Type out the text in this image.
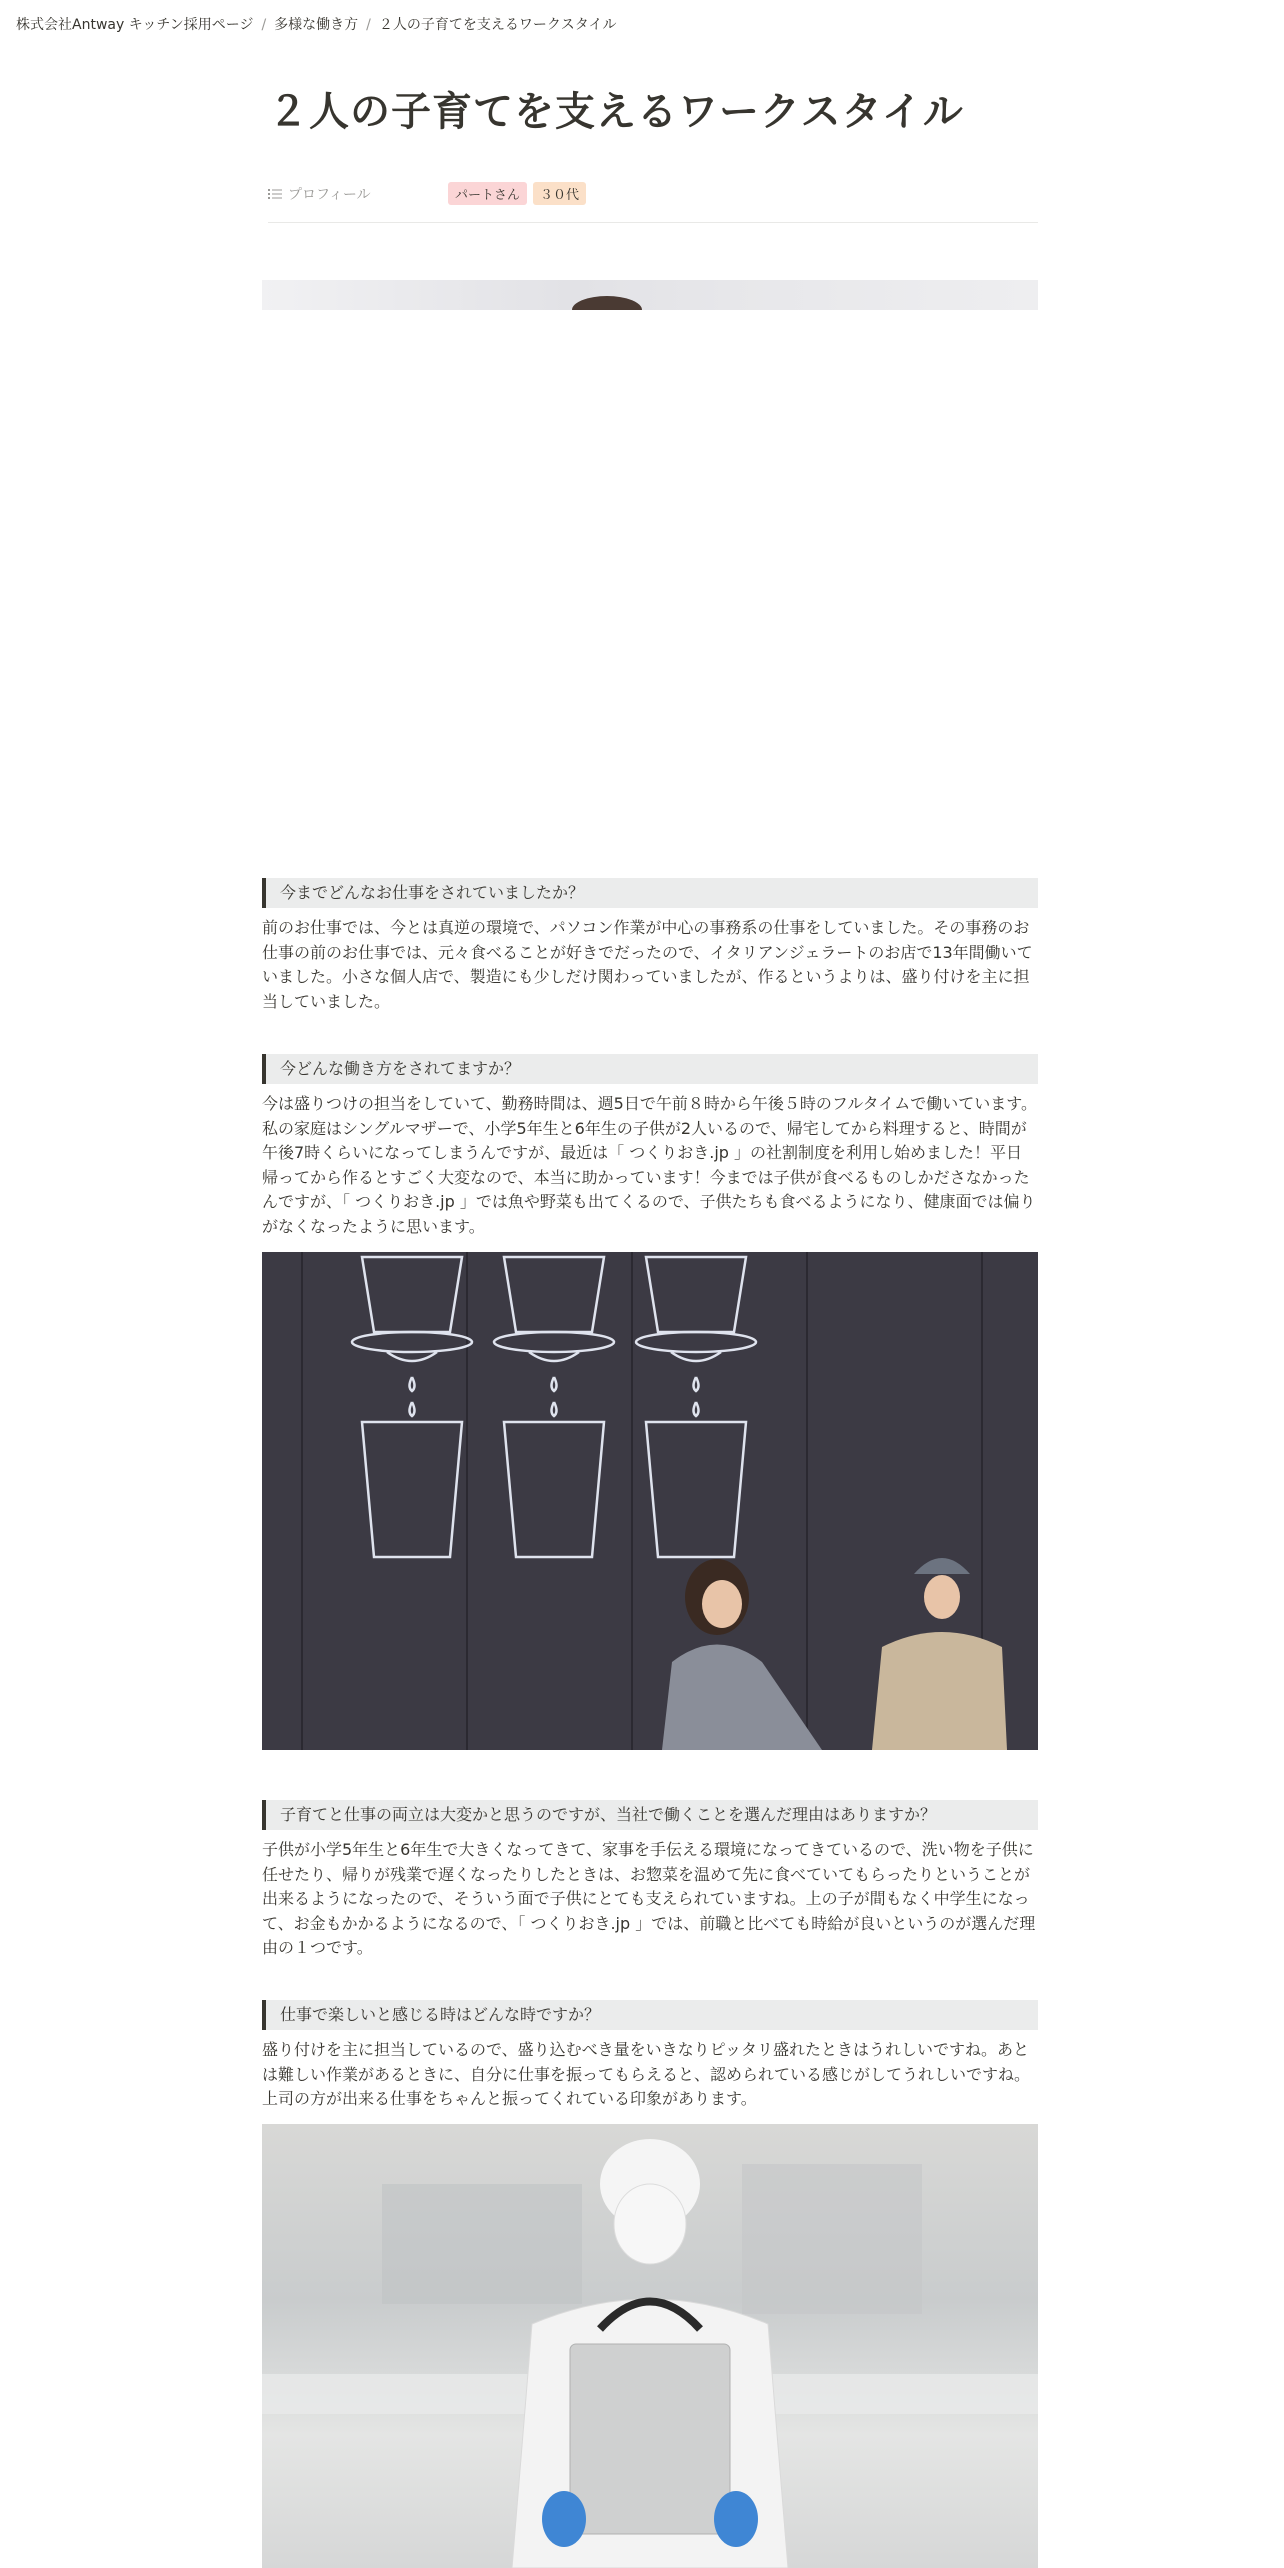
株式会社Antway キッチン採用ページ / 多様な働き方 / ２人の子育てを支えるワークスタイル
２人の子育てを支えるワークスタイル
プロフィール	パートさん	３０代
今までどんなお仕事をされていましたか？

前のお仕事では、今とは真逆の環境で、パソコン作業が中心の事務系の仕事をしていました。その事務のお仕事の前のお仕事では、元々食べることが好きでだったので、イタリアンジェラートのお店で13年間働いていました。小さな個人店で、製造にも少しだけ関わっていましたが、作るというよりは、盛り付けを主に担当していました。

今どんな働き方をされてますか？

今は盛りつけの担当をしていて、勤務時間は、週5日で午前８時から午後５時のフルタイムで働いています。私の家庭はシングルマザーで、小学5年生と6年生の子供が2人いるので、帰宅してから料理すると、時間が午後7時くらいになってしまうんですが、最近は「 つくりおき.jp 」の社割制度を利用し始めました！平日帰ってから作るとすごく大変なので、本当に助かっています！今までは子供が食べるものしかださなかったんですが、「 つくりおき.jp 」では魚や野菜も出てくるので、子供たちも食べるようになり、健康面では偏りがなくなったように思います。

子育てと仕事の両立は大変かと思うのですが、当社で働くことを選んだ理由はありますか？

子供が小学5年生と6年生で大きくなってきて、家事を手伝える環境になってきているので、洗い物を子供に任せたり、帰りが残業で遅くなったりしたときは、お惣菜を温めて先に食べていてもらったりということが出来るようになったので、そういう面で子供にとても支えられていますね。上の子が間もなく中学生になって、お金もかかるようになるので、「 つくりおき.jp 」では、前職と比べても時給が良いというのが選んだ理由の１つです。

仕事で楽しいと感じる時はどんな時ですか？

盛り付けを主に担当しているので、盛り込むべき量をいきなりピッタリ盛れたときはうれしいですね。あとは難しい作業があるときに、自分に仕事を振ってもらえると、認められている感じがしてうれしいですね。上司の方が出来る仕事をちゃんと振ってくれている印象があります。
